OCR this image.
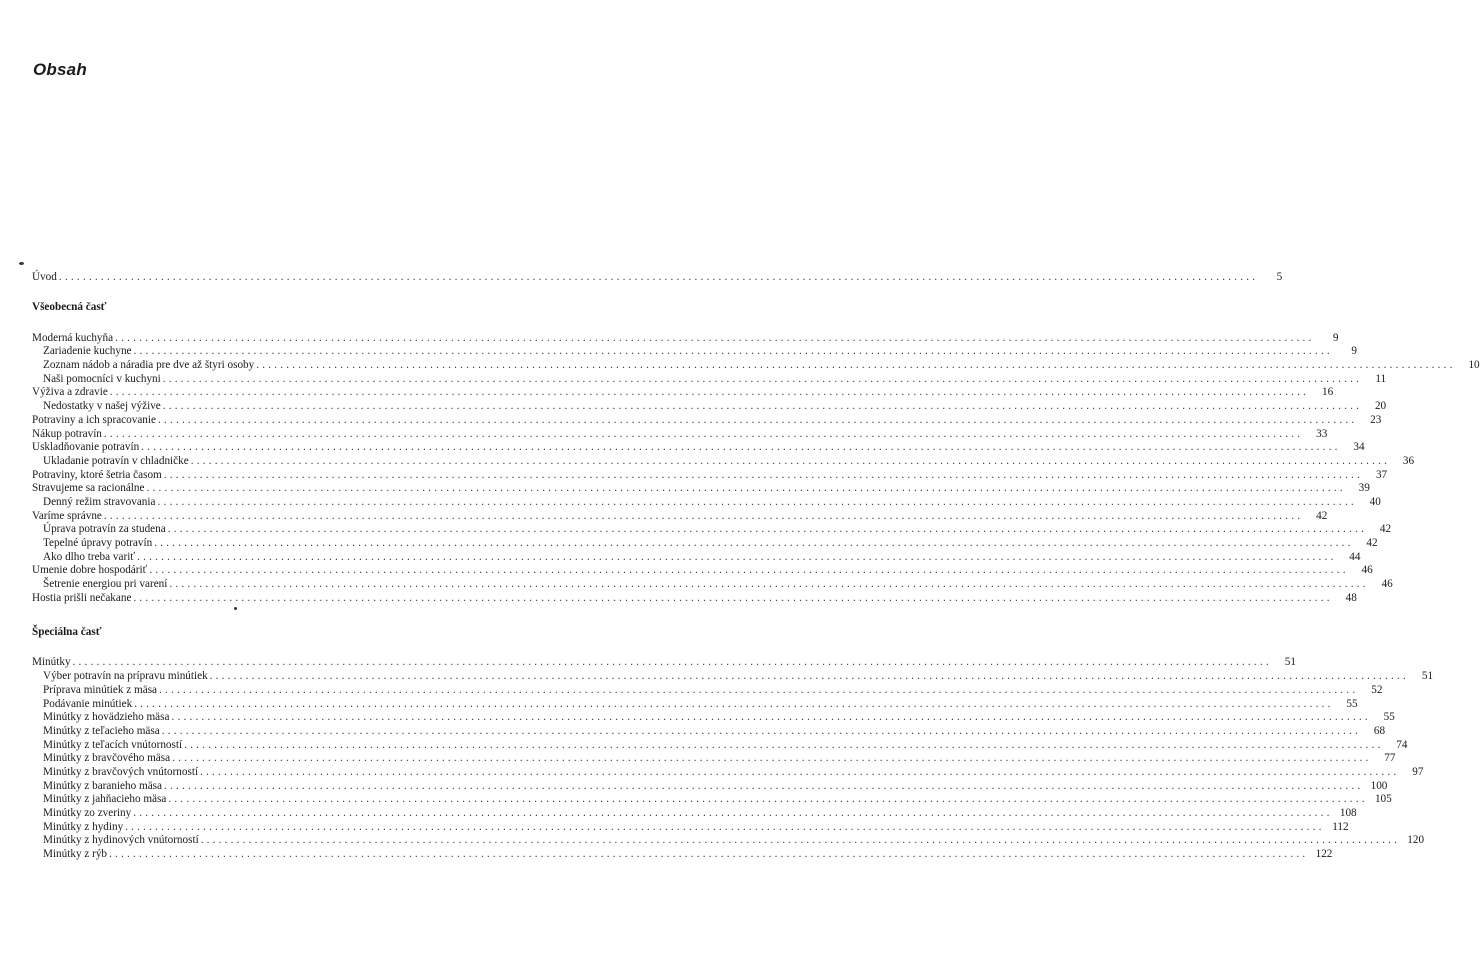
Obsah
Úvod ........................................................................................................................................................................................................	5
Všeobecná časť
Moderná kuchyňa ........................................................................................................................................................................................................	9
Zariadenie kuchyne ........................................................................................................................................................................................................	9
Zoznam nádob a náradia pre dve až štyri osoby ........................................................................................................................................................................................................	10
Naši pomocníci v kuchyni ........................................................................................................................................................................................................	11
Výživa a zdravie ........................................................................................................................................................................................................	16
Nedostatky v našej výžive ........................................................................................................................................................................................................	20
Potraviny a ich spracovanie ........................................................................................................................................................................................................	23
Nákup potravín ........................................................................................................................................................................................................	33
Uskladňovanie potravín ........................................................................................................................................................................................................	34
Ukladanie potravín v chladničke ........................................................................................................................................................................................................	36
Potraviny, ktoré šetria časom ........................................................................................................................................................................................................	37
Stravujeme sa racionálne ........................................................................................................................................................................................................	39
Denný režim stravovania ........................................................................................................................................................................................................	40
Varíme správne ........................................................................................................................................................................................................	42
Úprava potravín za studena ........................................................................................................................................................................................................	42
Tepelné úpravy potravín ........................................................................................................................................................................................................	42
Ako dlho treba variť ........................................................................................................................................................................................................	44
Umenie dobre hospodáriť ........................................................................................................................................................................................................	46
Šetrenie energiou pri varení ........................................................................................................................................................................................................	46
Hostia prišli nečakane ........................................................................................................................................................................................................	48
Špeciálna časť
Minútky ........................................................................................................................................................................................................	51
Výber potravín na prípravu minútiek ........................................................................................................................................................................................................	51
Príprava minútiek z mäsa ........................................................................................................................................................................................................	52
Podávanie minútiek ........................................................................................................................................................................................................	55
Minútky z hovädzieho mäsa ........................................................................................................................................................................................................	55
Minútky z teľacieho mäsa ........................................................................................................................................................................................................	68
Minútky z teľacích vnútorností ........................................................................................................................................................................................................	74
Minútky z bravčového mäsa ........................................................................................................................................................................................................	77
Minútky z bravčových vnútorností ........................................................................................................................................................................................................	97
Minútky z baranieho mäsa ........................................................................................................................................................................................................ 100
Minútky z jahňacieho mäsa ........................................................................................................................................................................................................ 105
Minútky zo zveriny ........................................................................................................................................................................................................ 108
Minútky z hydiny ........................................................................................................................................................................................................ 112
Minútky z hydinových vnútorností ........................................................................................................................................................................................................ 120
Minútky z rýb ........................................................................................................................................................................................................ 122
